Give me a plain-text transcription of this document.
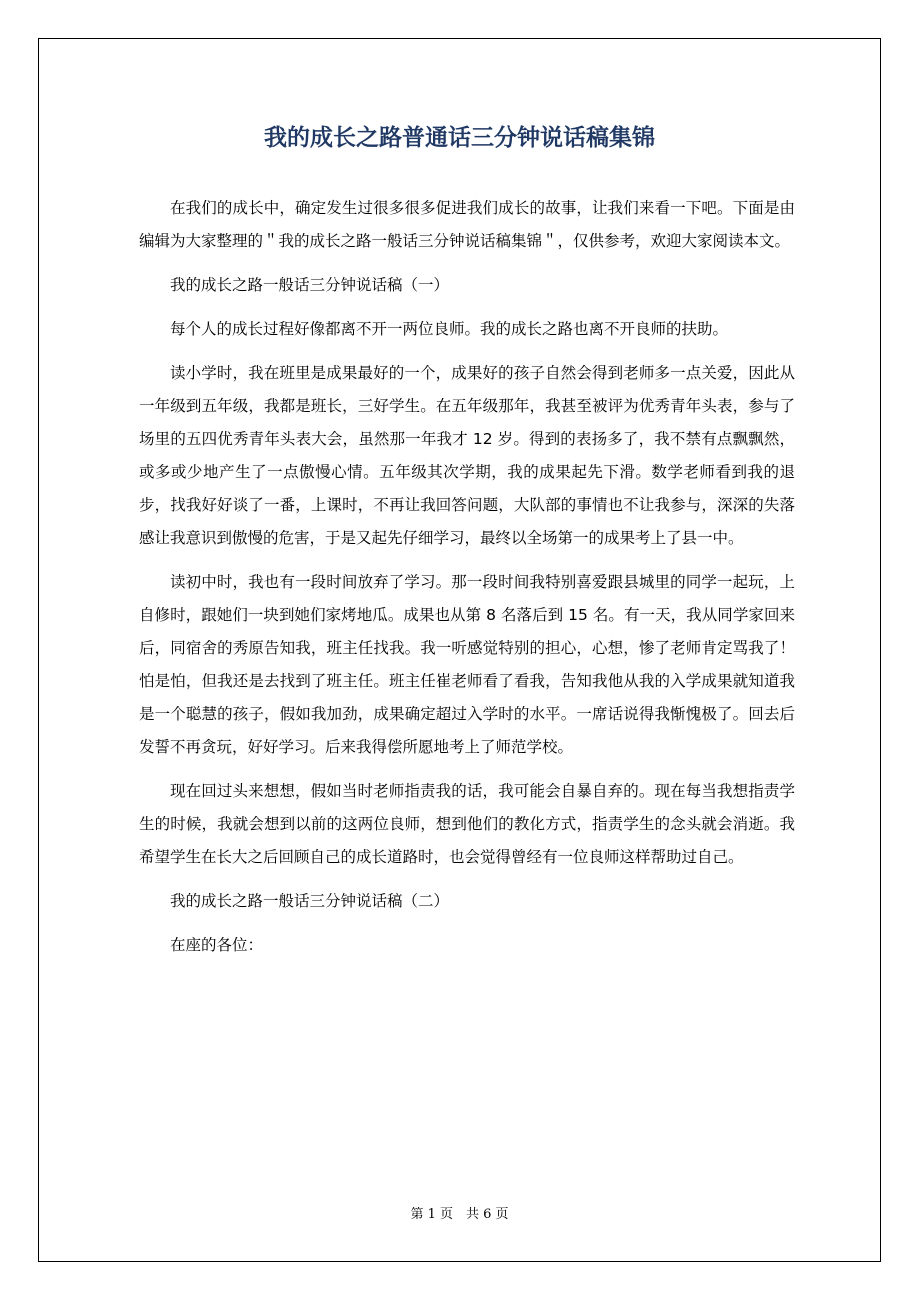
我的成长之路普通话三分钟说话稿集锦

在我们的成长中，确定发生过很多很多促进我们成长的故事，让我们来看一下吧。下面是由编辑为大家整理的＂我的成长之路一般话三分钟说话稿集锦＂，仅供参考，欢迎大家阅读本文。

我的成长之路一般话三分钟说话稿（一）

每个人的成长过程好像都离不开一两位良师。我的成长之路也离不开良师的扶助。

读小学时，我在班里是成果最好的一个，成果好的孩子自然会得到老师多一点关爱，因此从一年级到五年级，我都是班长，三好学生。在五年级那年，我甚至被评为优秀青年头表，参与了场里的五四优秀青年头表大会，虽然那一年我才 12 岁。得到的表扬多了，我不禁有点飘飘然，或多或少地产生了一点傲慢心情。五年级其次学期，我的成果起先下滑。数学老师看到我的退步，找我好好谈了一番，上课时，不再让我回答问题，大队部的事情也不让我参与，深深的失落感让我意识到傲慢的危害，于是又起先仔细学习，最终以全场第一的成果考上了县一中。

读初中时，我也有一段时间放弃了学习。那一段时间我特别喜爱跟县城里的同学一起玩，上自修时，跟她们一块到她们家烤地瓜。成果也从第 8 名落后到 15 名。有一天，我从同学家回来后，同宿舍的秀原告知我，班主任找我。我一听感觉特别的担心，心想，惨了老师肯定骂我了！怕是怕，但我还是去找到了班主任。班主任崔老师看了看我，告知我他从我的入学成果就知道我是一个聪慧的孩子，假如我加劲，成果确定超过入学时的水平。一席话说得我惭愧极了。回去后发誓不再贪玩，好好学习。后来我得偿所愿地考上了师范学校。

现在回过头来想想，假如当时老师指责我的话，我可能会自暴自弃的。现在每当我想指责学生的时候，我就会想到以前的这两位良师，想到他们的教化方式，指责学生的念头就会消逝。我希望学生在长大之后回顾自己的成长道路时，也会觉得曾经有一位良师这样帮助过自己。

我的成长之路一般话三分钟说话稿（二）

在座的各位：

第 1 页　共 6 页
